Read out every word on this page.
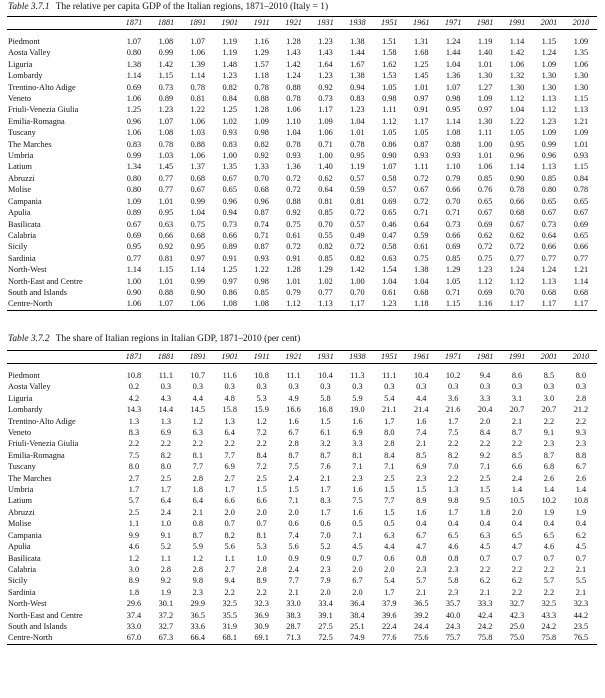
Table 3.7.1 The relative per capita GDP of the Italian regions, 1871–2010 (Italy = 1)
	1871	1881	1891	1901	1911	1921	1931	1938	1951	1961	1971	1981	1991	2001	2010

Piedmont	1.07	1.08	1.07	1.19	1.16	1.28	1.23	1.38	1.51	1.31	1.24	1.19	1.14	1.15	1.09
Aosta Valley	0.80	0.99	1.06	1.19	1.29	1.43	1.43	1.44	1.58	1.68	1.44	1.40	1.42	1.24	1.35
Liguria	1.38	1.42	1.39	1.48	1.57	1.42	1.64	1.67	1.62	1.25	1.04	1.01	1.06	1.09	1.06
Lombardy	1.14	1.15	1.14	1.23	1.18	1.24	1.23	1.38	1.53	1.45	1.36	1.30	1.32	1.30	1.30
Trentino-Alto Adige	0.69	0.73	0.78	0.82	0.78	0.88	0.92	0.94	1.05	1.01	1.07	1.27	1.30	1.30	1.30
Veneto	1.06	0.89	0.81	0.84	0.88	0.78	0.73	0.83	0.98	0.97	0.98	1.09	1.12	1.13	1.15
Friuli-Venezia Giulia	1.25	1.23	1.22	1.25	1.28	1.06	1.17	1.23	1.11	0.91	0.95	0.97	1.04	1.12	1.13
Emilia-Romagna	0.96	1.07	1.06	1.02	1.09	1.10	1.09	1.04	1.12	1.17	1.14	1.30	1.22	1.23	1.21
Tuscany	1.06	1.08	1.03	0.93	0.98	1.04	1.06	1.01	1.05	1.05	1.08	1.11	1.05	1.09	1.09
The Marches	0.83	0.78	0.88	0.83	0.82	0.78	0.71	0.78	0.86	0.87	0.88	1.00	0.95	0.99	1.01
Umbria	0.99	1.03	1.06	1.00	0.92	0.93	1.00	0.95	0.90	0.93	0.93	1.01	0.96	0.96	0.93
Latium	1.34	1.45	1.37	1.35	1.33	1.36	1.40	1.19	1.07	1.11	1.10	1.06	1.14	1.13	1.15
Abruzzi	0.80	0.77	0.68	0.67	0.70	0.72	0.62	0.57	0.58	0.72	0.79	0.85	0.90	0.85	0.84
Molise	0.80	0.77	0.67	0.65	0.68	0.72	0.64	0.59	0.57	0.67	0.66	0.76	0.78	0.80	0.78
Campania	1.09	1.01	0.99	0.96	0.96	0.88	0.81	0.81	0.69	0.72	0.70	0.65	0.66	0.65	0.65
Apulia	0.89	0.95	1.04	0.94	0.87	0.92	0.85	0.72	0.65	0.71	0.71	0.67	0.68	0.67	0.67
Basilicata	0.67	0.63	0.75	0.73	0.74	0.75	0.70	0.57	0.46	0.64	0.73	0.69	0.67	0.73	0.69
Calabria	0.69	0.66	0.68	0.66	0.71	0.61	0.55	0.49	0.47	0.59	0.66	0.62	0.62	0.64	0.65
Sicily	0.95	0.92	0.95	0.89	0.87	0.72	0.82	0.72	0.58	0.61	0.69	0.72	0.72	0.66	0.66
Sardinia	0.77	0.81	0.97	0.91	0.93	0.91	0.85	0.82	0.63	0.75	0.85	0.75	0.77	0.77	0.77
North-West	1.14	1.15	1.14	1.25	1.22	1.28	1.29	1.42	1.54	1.38	1.29	1.23	1.24	1.24	1.21
North-East and Centre	1.00	1.01	0.99	0.97	0.98	1.01	1.02	1.00	1.04	1.04	1.05	1.12	1.12	1.13	1.14
South and Islands	0.90	0.88	0.90	0.86	0.85	0.79	0.77	0.70	0.61	0.68	0.71	0.69	0.70	0.68	0.68
Centre-North	1.06	1.07	1.06	1.08	1.08	1.12	1.13	1.17	1.23	1.18	1.15	1.16	1.17	1.17	1.17
Table 3.7.2 The share of Italian regions in Italian GDP, 1871–2010 (per cent)
	1871	1881	1891	1901	1911	1921	1931	1938	1951	1961	1971	1981	1991	2001	2010

Piedmont	10.8	11.1	10.7	11.6	10.8	11.1	10.4	11.3	11.1	10.4	10.2	9.4	8.6	8.5	8.0
Aosta Valley	0.2	0.3	0.3	0.3	0.3	0.3	0.3	0.3	0.3	0.3	0.3	0.3	0.3	0.3	0.3
Liguria	4.2	4.3	4.4	4.8	5.3	4.9	5.8	5.9	5.4	4.4	3.6	3.3	3.1	3.0	2.8
Lombardy	14.3	14.4	14.5	15.8	15.9	16.6	16.8	19.0	21.1	21.4	21.6	20.4	20.7	20.7	21.2
Trentino-Alto Adige	1.3	1.3	1.2	1.3	1.2	1.6	1.5	1.6	1.7	1.6	1.7	2.0	2.1	2.2	2.2
Veneto	8.3	6.9	6.3	6.4	7.2	6.7	6.1	6.9	8.0	7.4	7.5	8.4	8.7	9.1	9.3
Friuli-Venezia Giulia	2.2	2.2	2.2	2.2	2.2	2.8	3.2	3.3	2.8	2.1	2.2	2.2	2.2	2.3	2.3
Emilia-Romagna	7.5	8.2	8.1	7.7	8.4	8.7	8.7	8.1	8.4	8.5	8.2	9.2	8.5	8.7	8.8
Tuscany	8.0	8.0	7.7	6.9	7.2	7.5	7.6	7.1	7.1	6.9	7.0	7.1	6.6	6.8	6.7
The Marches	2.7	2.5	2.8	2.7	2.5	2.4	2.1	2.3	2.5	2.3	2.2	2.5	2.4	2.6	2.6
Umbria	1.7	1.7	1.8	1.7	1.5	1.5	1.7	1.6	1.5	1.5	1.3	1.5	1.4	1.4	1.4
Latium	5.7	6.4	6.4	6.6	6.6	7.1	8.3	7.5	7.7	8.9	9.8	9.5	10.5	10.2	10.8
Abruzzi	2.5	2.4	2.1	2.0	2.0	2.0	1.7	1.6	1.5	1.6	1.7	1.8	2.0	1.9	1.9
Molise	1.1	1.0	0.8	0.7	0.7	0.6	0.6	0.5	0.5	0.4	0.4	0.4	0.4	0.4	0.4
Campania	9.9	9.1	8.7	8.2	8.1	7.4	7.0	7.1	6.3	6.7	6.5	6.3	6.5	6.5	6.2
Apulia	4.6	5.2	5.9	5.6	5.3	5.6	5.2	4.5	4.4	4.7	4.6	4.5	4.7	4.6	4.5
Basilicata	1.2	1.1	1.2	1.1	1.0	0.9	0.9	0.7	0.6	0.8	0.8	0.7	0.7	0.7	0.7
Calabria	3.0	2.8	2.8	2.7	2.8	2.4	2.3	2.0	2.0	2.3	2.3	2.2	2.2	2.2	2.1
Sicily	8.9	9.2	9.8	9.4	8.9	7.7	7.9	6.7	5.4	5.7	5.8	6.2	6.2	5.7	5.5
Sardinia	1.8	1.9	2.3	2.2	2.2	2.1	2.0	2.0	1.7	2.1	2.3	2.1	2.2	2.2	2.1
North-West	29.6	30.1	29.9	32.5	32.3	33.0	33.4	36.4	37.9	36.5	35.7	33.3	32.7	32.5	32.3
North-East and Centre	37.4	37.2	36.5	35.5	36.9	38.3	39.1	38.4	39.6	39.2	40.0	42.4	42.3	43.3	44.2
South and Islands	33.0	32.7	33.6	31.9	30.9	28.7	27.5	25.1	22.4	24.4	24.3	24.2	25.0	24.2	23.5
Centre-North	67.0	67.3	66.4	68.1	69.1	71.3	72.5	74.9	77.6	75.6	75.7	75.8	75.0	75.8	76.5
